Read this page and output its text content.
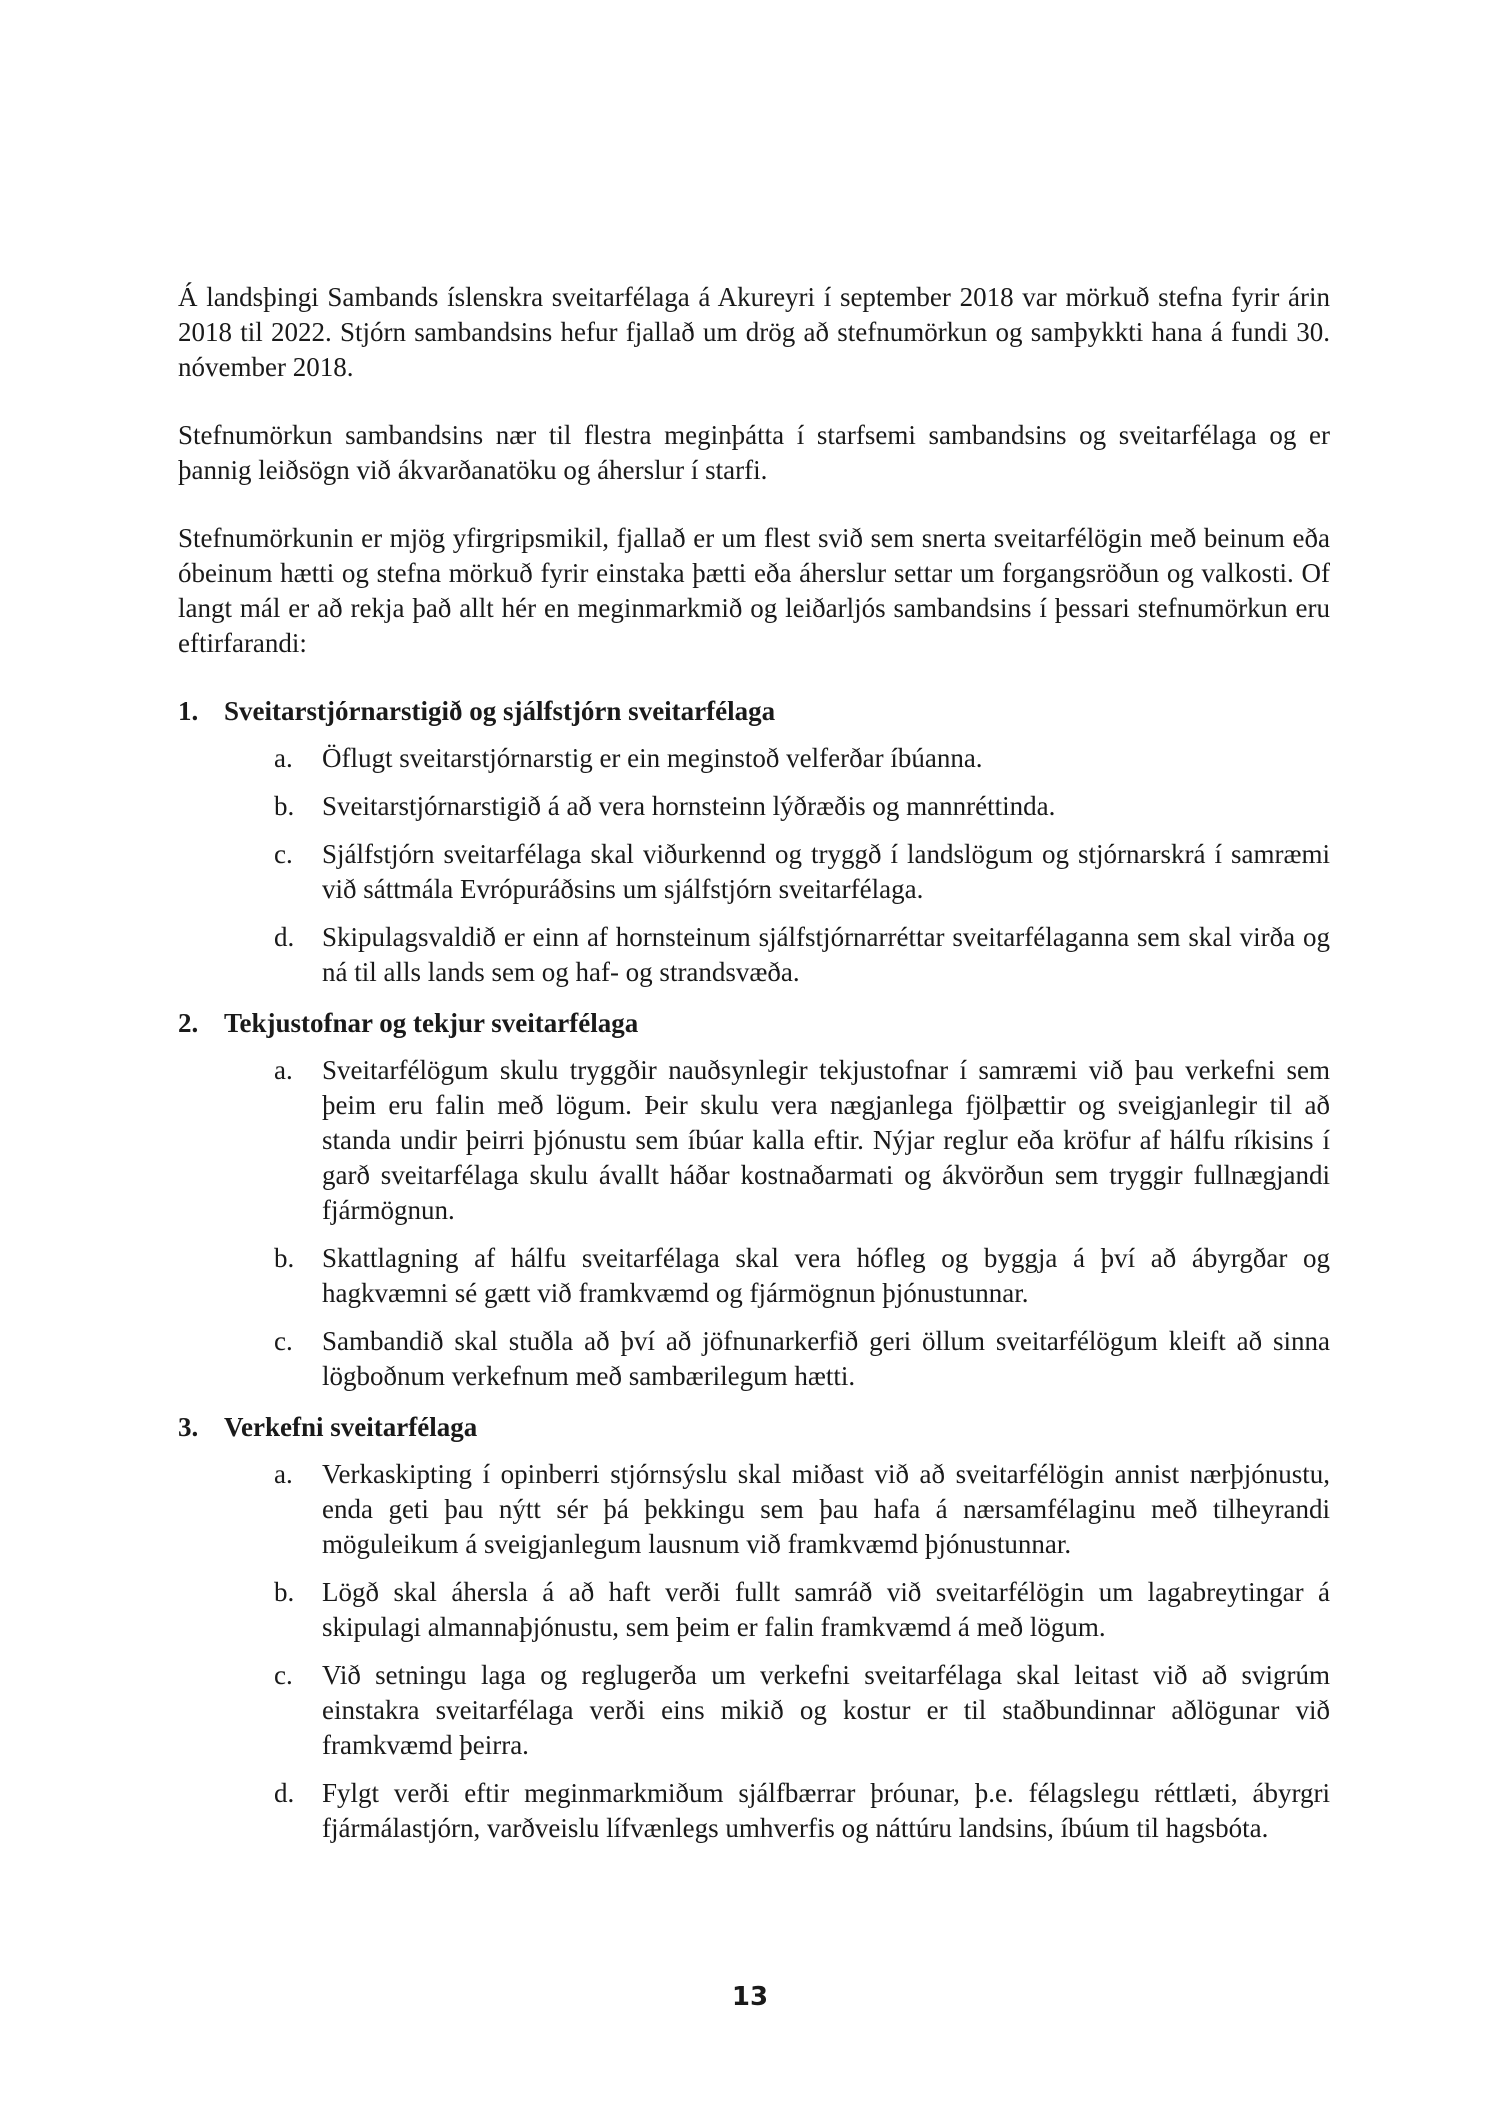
Á landsþingi Sambands íslenskra sveitarfélaga á Akureyri í september 2018 var mörkuð stefna fyrir árin 2018 til 2022. Stjórn sambandsins hefur fjallað um drög að stefnumörkun og samþykkti hana á fundi 30. nóvember 2018.

Stefnumörkun sambandsins nær til flestra meginþátta í starfsemi sambandsins og sveitarfélaga og er þannig leiðsögn við ákvarðanatöku og áherslur í starfi.

Stefnumörkunin er mjög yfirgripsmikil, fjallað er um flest svið sem snerta sveitarfélögin með beinum eða óbeinum hætti og stefna mörkuð fyrir einstaka þætti eða áherslur settar um forgangsröðun og valkosti. Of langt mál er að rekja það allt hér en meginmarkmið og leiðarljós sambandsins í þessari stefnumörkun eru eftirfarandi:

1. Sveitarstjórnarstigið og sjálfstjórn sveitarfélaga
a.	Öflugt sveitarstjórnarstig er ein meginstoð velferðar íbúanna.
b.	Sveitarstjórnarstigið á að vera hornsteinn lýðræðis og mannréttinda.
c.	Sjálfstjórn sveitarfélaga skal viðurkennd og tryggð í landslögum og stjórnarskrá í samræmi við sáttmála Evrópuráðsins um sjálfstjórn sveitarfélaga.
d.	Skipulagsvaldið er einn af hornsteinum sjálfstjórnarréttar sveitarfélaganna sem skal virða og ná til alls lands sem og haf- og strandsvæða.
2. Tekjustofnar og tekjur sveitarfélaga
a.	Sveitarfélögum skulu tryggðir nauðsynlegir tekjustofnar í samræmi við þau verkefni sem þeim eru falin með lögum. Þeir skulu vera nægjanlega fjölþættir og sveigjanlegir til að standa undir þeirri þjónustu sem íbúar kalla eftir. Nýjar reglur eða kröfur af hálfu ríkisins í garð sveitarfélaga skulu ávallt háðar kostnaðarmati og ákvörðun sem tryggir fullnægjandi fjármögnun.
b.	Skattlagning af hálfu sveitarfélaga skal vera hófleg og byggja á því að ábyrgðar og hagkvæmni sé gætt við framkvæmd og fjármögnun þjónustunnar.
c.	Sambandið skal stuðla að því að jöfnunarkerfið geri öllum sveitarfélögum kleift að sinna lögboðnum verkefnum með sambærilegum hætti.
3. Verkefni sveitarfélaga
a.	Verkaskipting í opinberri stjórnsýslu skal miðast við að sveitarfélögin annist nærþjónustu, enda geti þau nýtt sér þá þekkingu sem þau hafa á nærsamfélaginu með tilheyrandi möguleikum á sveigjanlegum lausnum við framkvæmd þjónustunnar.
b.	Lögð skal áhersla á að haft verði fullt samráð við sveitarfélögin um lagabreytingar á skipulagi almannaþjónustu, sem þeim er falin framkvæmd á með lögum.
c.	Við setningu laga og reglugerða um verkefni sveitarfélaga skal leitast við að svigrúm einstakra sveitarfélaga verði eins mikið og kostur er til staðbundinnar aðlögunar við framkvæmd þeirra.
d.	Fylgt verði eftir meginmarkmiðum sjálfbærrar þróunar, þ.e. félagslegu réttlæti, ábyrgri fjármálastjórn, varðveislu lífvænlegs umhverfis og náttúru landsins, íbúum til hagsbóta.
13
